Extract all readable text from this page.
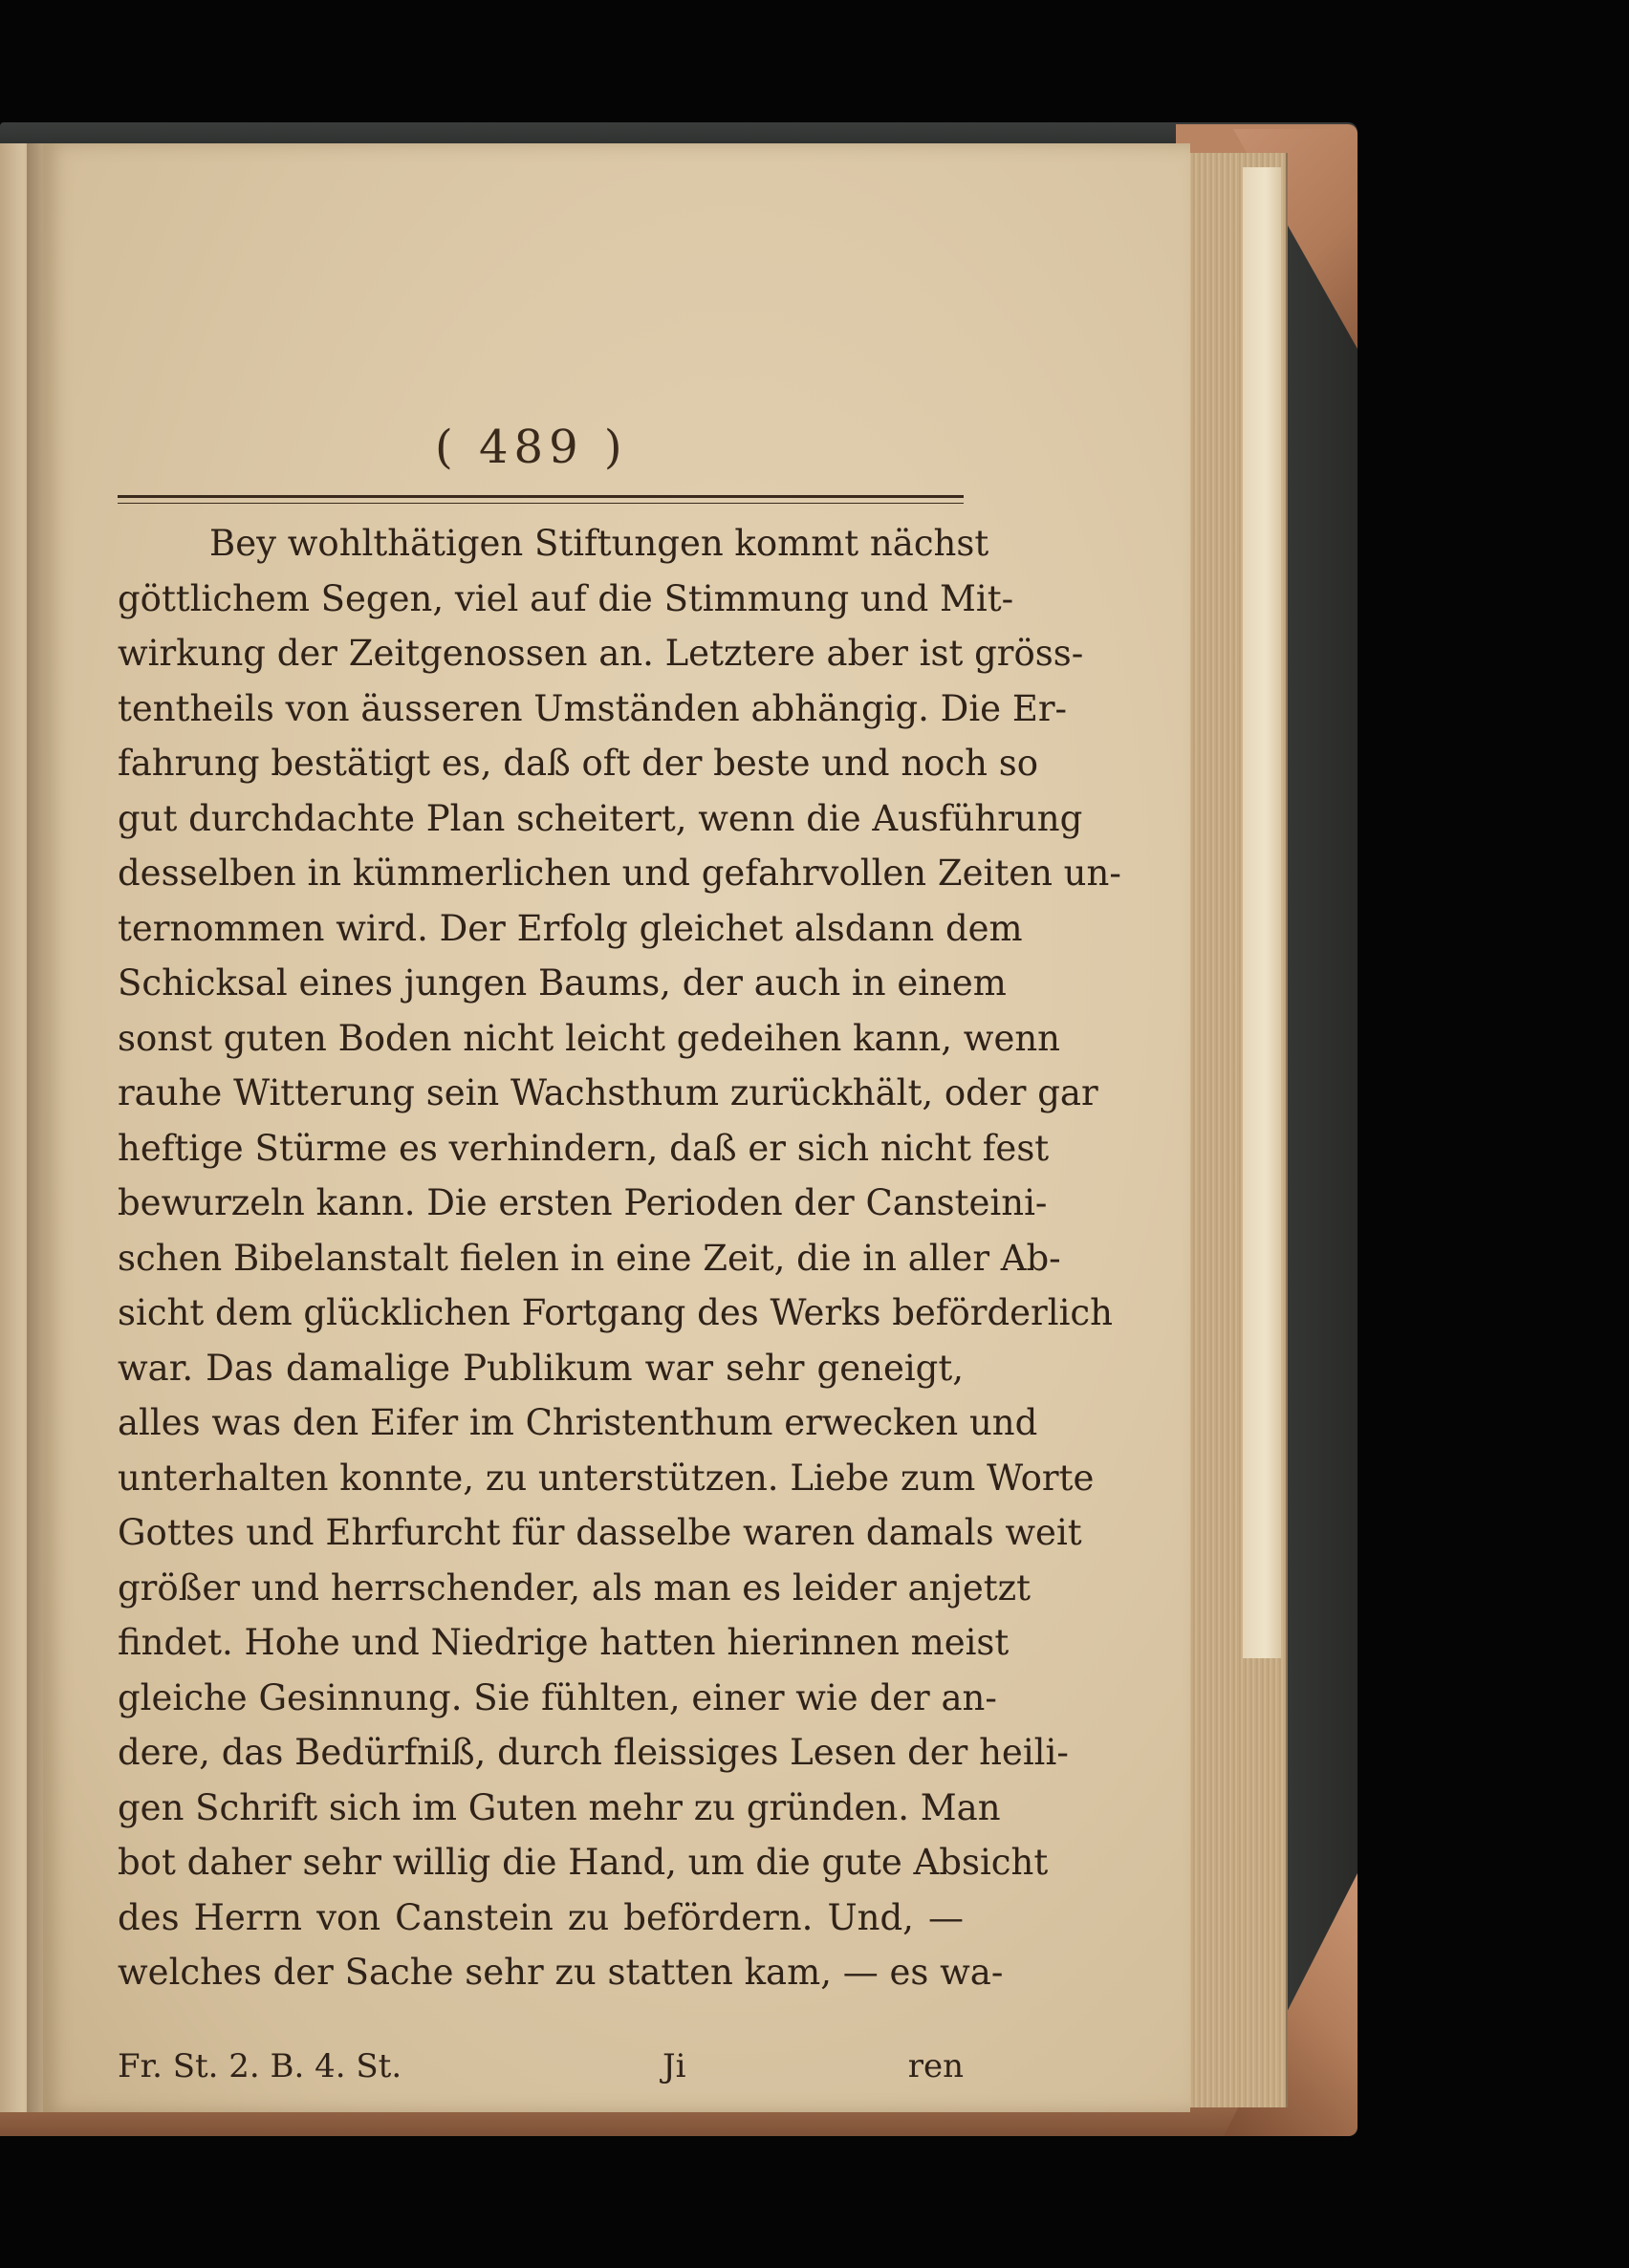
( 489 )
Bey wohlthätigen Stiftungen kommt nächst
göttlichem Segen, viel auf die Stimmung und Mit-
wirkung der Zeitgenossen an. Letztere aber ist gröss-
tentheils von äusseren Umständen abhängig. Die Er-
fahrung bestätigt es, daß oft der beste und noch so
gut durchdachte Plan scheitert, wenn die Ausführung
desselben in kümmerlichen und gefahrvollen Zeiten un-
ternommen wird. Der Erfolg gleichet alsdann dem
Schicksal eines jungen Baums, der auch in einem
sonst guten Boden nicht leicht gedeihen kann, wenn
rauhe Witterung sein Wachsthum zurückhält, oder gar
heftige Stürme es verhindern, daß er sich nicht fest
bewurzeln kann. Die ersten Perioden der Cansteini-
schen Bibelanstalt fielen in eine Zeit, die in aller Ab-
sicht dem glücklichen Fortgang des Werks beförderlich
war. Das damalige Publikum war sehr geneigt,
alles was den Eifer im Christenthum erwecken und
unterhalten konnte, zu unterstützen. Liebe zum Worte
Gottes und Ehrfurcht für dasselbe waren damals weit
größer und herrschender, als man es leider anjetzt
findet. Hohe und Niedrige hatten hierinnen meist
gleiche Gesinnung. Sie fühlten, einer wie der an-
dere, das Bedürfniß, durch fleissiges Lesen der heili-
gen Schrift sich im Guten mehr zu gründen. Man
bot daher sehr willig die Hand, um die gute Absicht
des Herrn von Canstein zu befördern. Und, —
welches der Sache sehr zu statten kam, — es wa-
Fr. St. 2. B. 4. St.	Ji	ren
